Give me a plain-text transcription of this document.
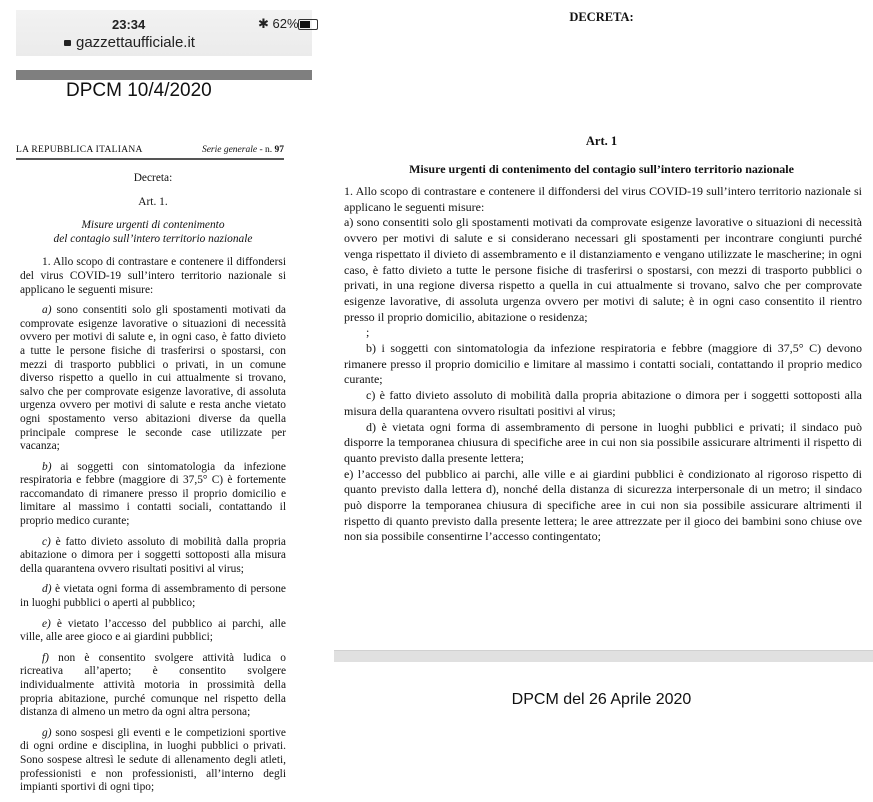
23:34	✱ 62%
gazzettaufficiale.it
DPCM 10/4/2020
LA REPUBBLICA ITALIANA	Serie generale - n. 97

Decreta:

Art. 1.

Misure urgenti di contenimento

del contagio sull’intero territorio nazionale

1. Allo scopo di contrastare e contenere il diffondersi del virus COVID-19 sull’intero territorio nazionale si applicano le seguenti misure:

a) sono consentiti solo gli spostamenti motivati da comprovate esigenze lavorative o situazioni di necessità ovvero per motivi di salute e, in ogni caso, è fatto divieto a tutte le persone fisiche di trasferirsi o spostarsi, con mezzi di trasporto pubblici o privati, in un comune diverso rispetto a quello in cui attualmente si trovano, salvo che per comprovate esigenze lavorative, di assoluta urgenza ovvero per motivi di salute e resta anche vietato ogni spostamento verso abitazioni diverse da quella principale comprese le seconde case utilizzate per vacanza;

b) ai soggetti con sintomatologia da infezione respiratoria e febbre (maggiore di 37,5° C) è fortemente raccomandato di rimanere presso il proprio domicilio e limitare al massimo i contatti sociali, contattando il proprio medico curante;

c) è fatto divieto assoluto di mobilità dalla propria abitazione o dimora per i soggetti sottoposti alla misura della quarantena ovvero risultati positivi al virus;

d) è vietata ogni forma di assembramento di persone in luoghi pubblici o aperti al pubblico;

e) è vietato l’accesso del pubblico ai parchi, alle ville, alle aree gioco e ai giardini pubblici;

f) non è consentito svolgere attività ludica o ricreativa all’aperto; è consentito svolgere individualmente attività motoria in prossimità della propria abitazione, purché comunque nel rispetto della distanza di almeno un metro da ogni altra persona;

g) sono sospesi gli eventi e le competizioni sportive di ogni ordine e disciplina, in luoghi pubblici o privati. Sono sospese altresì le sedute di allenamento degli atleti, professionisti e non professionisti, all’interno degli impianti sportivi di ogni tipo;

DECRETA:
Art. 1
Misure urgenti di contenimento del contagio sull’intero territorio nazionale

1. Allo scopo di contrastare e contenere il diffondersi del virus COVID-19 sull’intero territorio nazionale si applicano le seguenti misure:

a) sono consentiti solo gli spostamenti motivati da comprovate esigenze lavorative o situazioni di necessità ovvero per motivi di salute e si considerano necessari gli spostamenti per incontrare congiunti purché venga rispettato il divieto di assembramento e il distanziamento e vengano utilizzate le mascherine; in ogni caso, è fatto divieto a tutte le persone fisiche di trasferirsi o spostarsi, con mezzi di trasporto pubblici o privati, in una regione diversa rispetto a quella in cui attualmente si trovano, salvo che per comprovate esigenze lavorative, di assoluta urgenza ovvero per motivi di salute; è in ogni caso consentito il rientro presso il proprio domicilio, abitazione o residenza;

;

b) i soggetti con sintomatologia da infezione respiratoria e febbre (maggiore di 37,5° C) devono rimanere presso il proprio domicilio e limitare al massimo i contatti sociali, contattando il proprio medico curante;

c) è fatto divieto assoluto di mobilità dalla propria abitazione o dimora per i soggetti sottoposti alla misura della quarantena ovvero risultati positivi al virus;

d) è vietata ogni forma di assembramento di persone in luoghi pubblici e privati; il sindaco può disporre la temporanea chiusura di specifiche aree in cui non sia possibile assicurare altrimenti il rispetto di quanto previsto dalla presente lettera;

e) l’accesso del pubblico ai parchi, alle ville e ai giardini pubblici è condizionato al rigoroso rispetto di quanto previsto dalla lettera d), nonché della distanza di sicurezza interpersonale di un metro; il sindaco può disporre la temporanea chiusura di specifiche aree in cui non sia possibile assicurare altrimenti il rispetto di quanto previsto dalla presente lettera; le aree attrezzate per il gioco dei bambini sono chiuse ove non sia possibile consentirne l’accesso contingentato;

DPCM del 26 Aprile 2020
